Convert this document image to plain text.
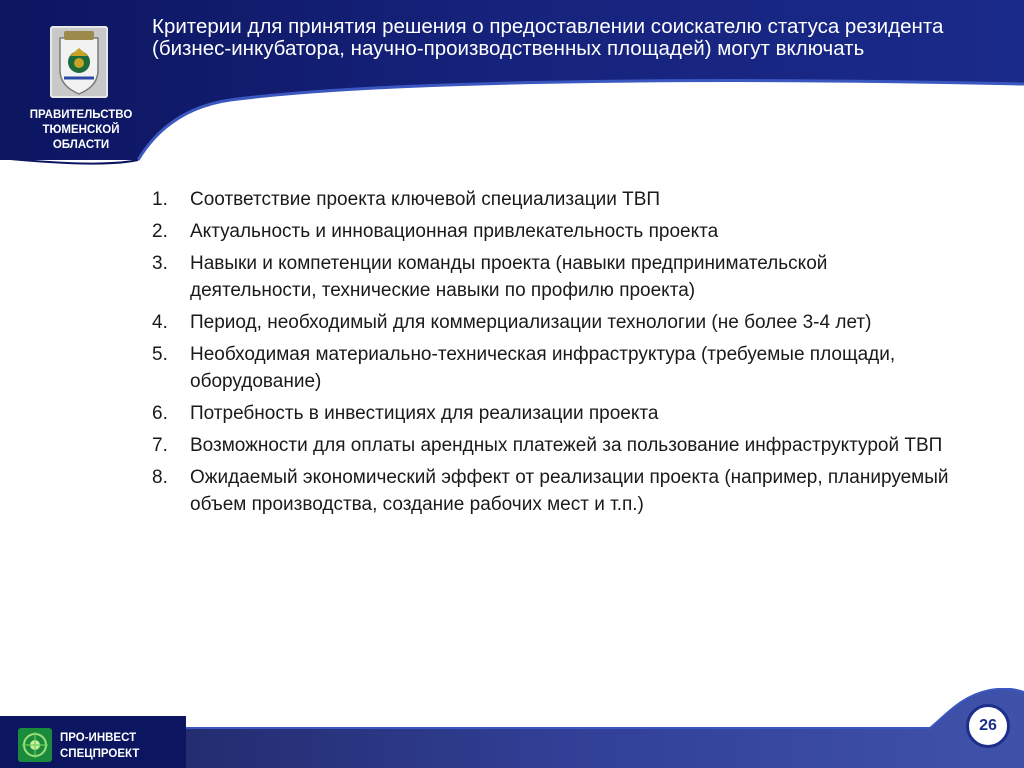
Критерии для принятия решения о предоставлении соискателю статуса резидента (бизнес-инкубатора, научно-производственных площадей) могут включать

ПРАВИТЕЛЬСТВО
ТЮМЕНСКОЙ
ОБЛАСТИ

1.	Соответствие проекта ключевой специализации ТВП
2.	Актуальность и инновационная привлекательность проекта
3.	Навыки и компетенции команды проекта (навыки предпринимательской деятельности, технические навыки по профилю проекта)
4.	Период, необходимый для коммерциализации технологии (не более 3-4 лет)
5.	Необходимая материально-техническая инфраструктура (требуемые площади, оборудование)
6.	Потребность в инвестициях для реализации проекта
7.	Возможности для оплаты арендных платежей за пользование инфраструктурой ТВП
8.	Ожидаемый экономический эффект от реализации проекта (например, планируемый объем производства, создание рабочих мест и т.п.)
ПРО-ИНВЕСТ
СПЕЦПРОЕКТ
26
